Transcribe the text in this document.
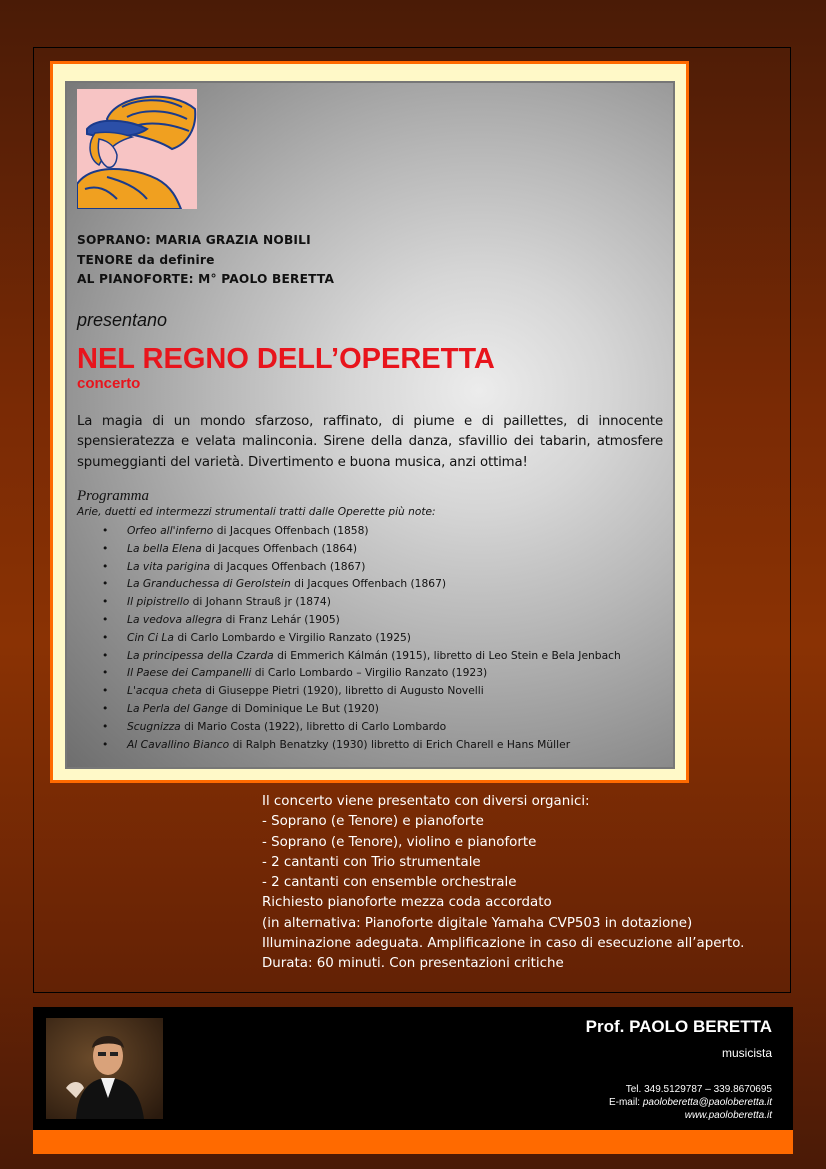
SOPRANO: MARIA GRAZIA NOBILI
TENORE da definire
AL PIANOFORTE: M° PAOLO BERETTA
presentano
NEL REGNO DELL’OPERETTA
concerto
La magia di un mondo sfarzoso, raffinato, di piume e di paillettes, di innocente spensieratezza e velata malinconia. Sirene della danza, sfavillio dei tabarin, atmosfere spumeggianti del varietà. Divertimento e buona musica, anzi ottima!
Programma
Arie, duetti ed intermezzi strumentali tratti dalle Operette più note:
• Orfeo all'inferno di Jacques Offenbach (1858)
• La bella Elena di Jacques Offenbach (1864)
• La vita parigina di Jacques Offenbach (1867)
• La Granduchessa di Gerolstein di Jacques Offenbach (1867)
• Il pipistrello di Johann Strauß jr (1874)
• La vedova allegra di Franz Lehár (1905)
• Cin Ci La di Carlo Lombardo e Virgilio Ranzato (1925)
• La principessa della Czarda di Emmerich Kálmán (1915), libretto di Leo Stein e Bela Jenbach
• Il Paese dei Campanelli di Carlo Lombardo – Virgilio Ranzato (1923)
• L'acqua cheta di Giuseppe Pietri (1920), libretto di Augusto Novelli
• La Perla del Gange di Dominique Le But (1920)
• Scugnizza di Mario Costa (1922), libretto di Carlo Lombardo
• Al Cavallino Bianco di Ralph Benatzky (1930) libretto di Erich Charell e Hans Müller
Il concerto viene presentato con diversi organici:
- Soprano (e Tenore) e pianoforte
- Soprano (e Tenore), violino e pianoforte
- 2 cantanti con Trio strumentale
- 2 cantanti con ensemble orchestrale
Richiesto pianoforte mezza coda accordato
(in alternativa: Pianoforte digitale Yamaha CVP503 in dotazione)
Illuminazione adeguata. Amplificazione in caso di esecuzione all’aperto.
Durata: 60 minuti. Con presentazioni critiche
Prof. PAOLO BERETTA
musicista
Tel. 349.5129787 – 339.8670695
E-mail: paoloberetta@paoloberetta.it
www.paoloberetta.it
